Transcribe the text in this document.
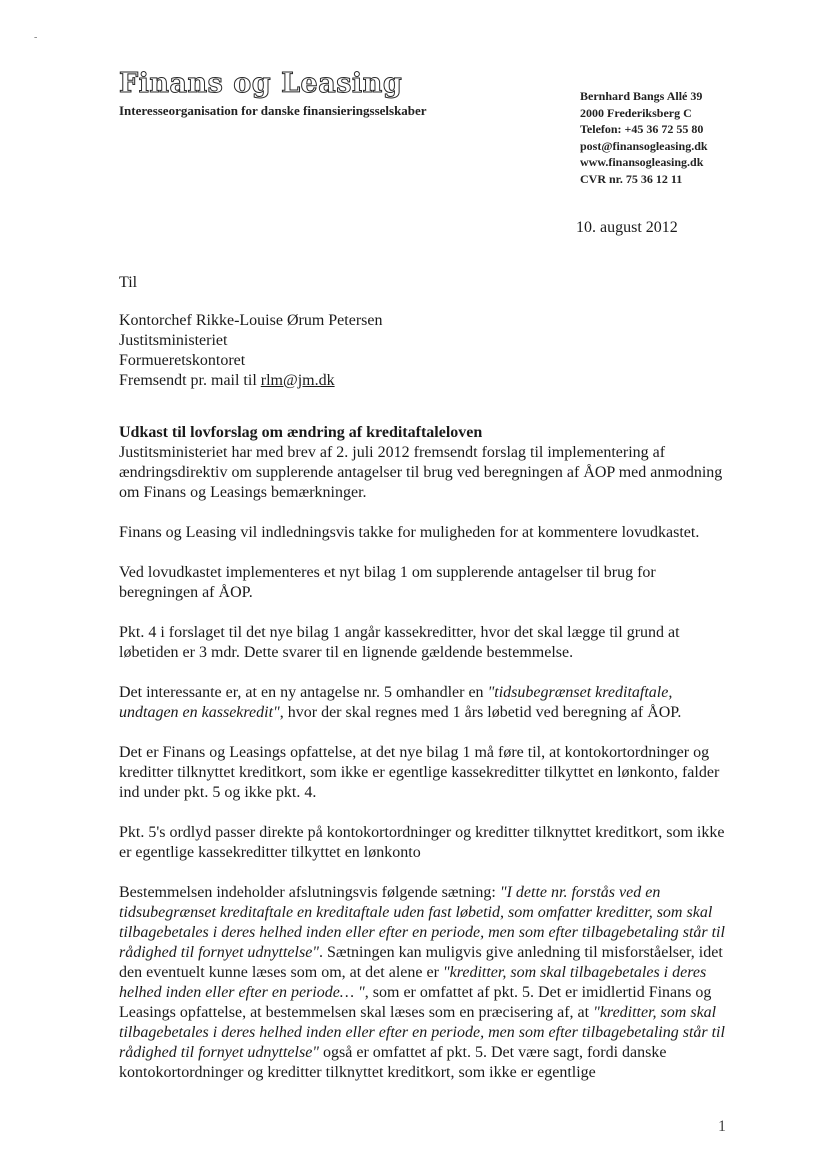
-
Finans og Leasing
Interesseorganisation for danske finansieringsselskaber
Bernhard Bangs Allé 39
2000 Frederiksberg C
Telefon: +45 36 72 55 80
post@finansogleasing.dk
www.finansogleasing.dk
CVR nr. 75 36 12 11
10. august 2012
Til
Kontorchef Rikke-Louise Ørum Petersen
Justitsministeriet
Formueretskontoret
Fremsendt pr. mail til rlm@jm.dk
Udkast til lovforslag om ændring af kreditaftaleloven

Justitsministeriet har med brev af 2. juli 2012 fremsendt forslag til implementering af ændringsdirektiv om supplerende antagelser til brug ved beregningen af ÅOP med anmodning om Finans og Leasings bemærkninger.

Finans og Leasing vil indledningsvis takke for muligheden for at kommentere lovudkastet.

Ved lovudkastet implementeres et nyt bilag 1 om supplerende antagelser til brug for beregningen af ÅOP.

Pkt. 4 i forslaget til det nye bilag 1 angår kassekreditter, hvor det skal lægge til grund at løbetiden er 3 mdr. Dette svarer til en lignende gældende bestemmelse.

Det interessante er, at en ny antagelse nr. 5 omhandler en "tidsubegrænset kreditaftale, undtagen en kassekredit", hvor der skal regnes med 1 års løbetid ved beregning af ÅOP.

Det er Finans og Leasings opfattelse, at det nye bilag 1 må føre til, at kontokortordninger og kreditter tilknyttet kreditkort, som ikke er egentlige kassekreditter tilkyttet en lønkonto, falder ind under pkt. 5 og ikke pkt. 4.

Pkt. 5's ordlyd passer direkte på kontokortordninger og kreditter tilknyttet kreditkort, som ikke er egentlige kassekreditter tilkyttet en lønkonto

Bestemmelsen indeholder afslutningsvis følgende sætning: "I dette nr. forstås ved en tidsubegrænset kreditaftale en kreditaftale uden fast løbetid, som omfatter kreditter, som skal tilbagebetales i deres helhed inden eller efter en periode, men som efter tilbagebetaling står til rådighed til fornyet udnyttelse". Sætningen kan muligvis give anledning til misforståelser, idet den eventuelt kunne læses som om, at det alene er "kreditter, som skal tilbagebetales i deres helhed inden eller efter en periode… ", som er omfattet af pkt. 5. Det er imidlertid Finans og Leasings opfattelse, at bestemmelsen skal læses som en præcisering af, at "kreditter, som skal tilbagebetales i deres helhed inden eller efter en periode, men som efter tilbagebetaling står til rådighed til fornyet udnyttelse" også er omfattet af pkt. 5. Det være sagt, fordi danske kontokortordninger og kreditter tilknyttet kreditkort, som ikke er egentlige

1
